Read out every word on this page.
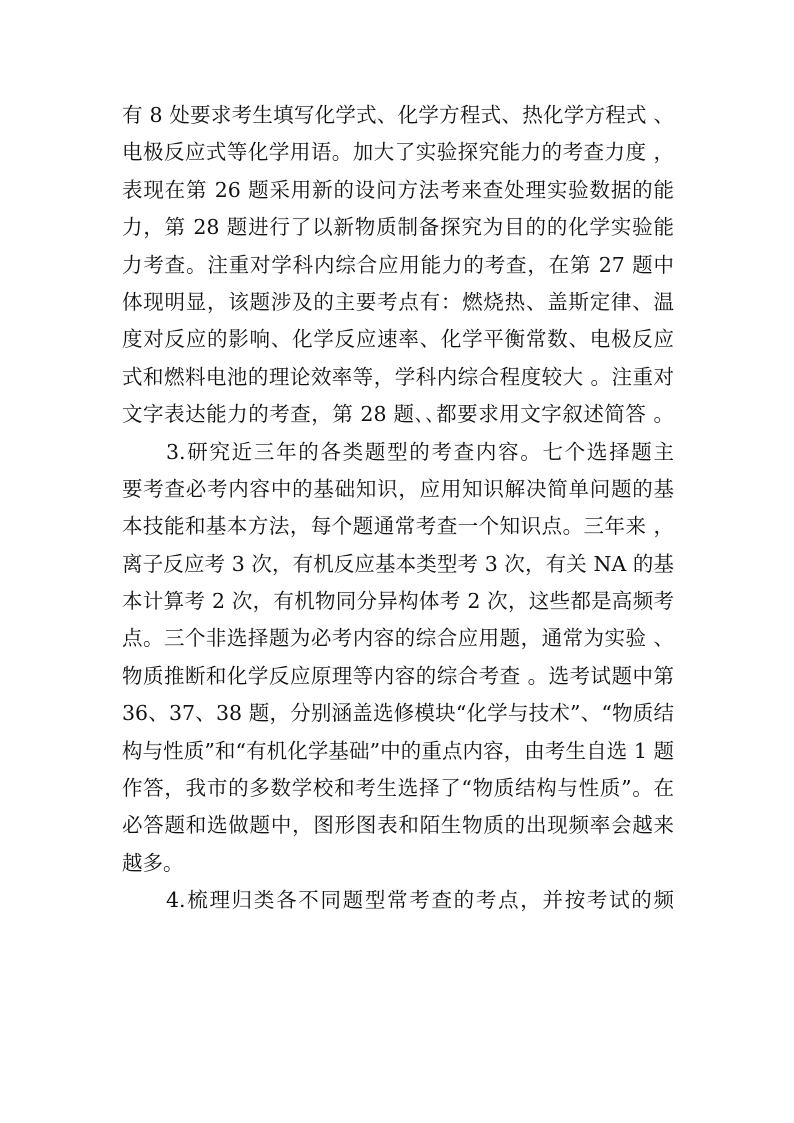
有 8 处要求考生填写化学式、化学方程式、热化学方程式 、
电极反应式等化学用语。加大了实验探究能力的考查力度 ，
表现在第 26 题采用新的设问方法考来查处理实验数据的能
力，第 28 题进行了以新物质制备探究为目的的化学实验能
力考查。注重对学科内综合应用能力的考查，在第 27 题中
体现明显，该题涉及的主要考点有：燃烧热、盖斯定律、温
度对反应的影响、化学反应速率、化学平衡常数、电极反应
式和燃料电池的理论效率等，学科内综合程度较大 。注重对
文字表达能力的考查，第 28 题､､都要求用文字叙述简答 。
3.研究近三年的各类题型的考查内容。七个选择题主
要考查必考内容中的基础知识，应用知识解决简单问题的基
本技能和基本方法，每个题通常考查一个知识点。三年来 ，
离子反应考 3 次，有机反应基本类型考 3 次，有关 NA 的基
本计算考 2 次，有机物同分异构体考 2 次，这些都是高频考
点。三个非选择题为必考内容的综合应用题，通常为实验 、
物质推断和化学反应原理等内容的综合考查 。选考试题中第
36、37、38 题，分别涵盖选修模块“化学与技术”、“物质结
构与性质”和“有机化学基础”中的重点内容，由考生自选 1 题
作答，我市的多数学校和考生选择了“物质结构与性质”。在
必答题和选做题中，图形图表和陌生物质的出现频率会越来
越多。
4.梳理归类各不同题型常考查的考点，并按考试的频
